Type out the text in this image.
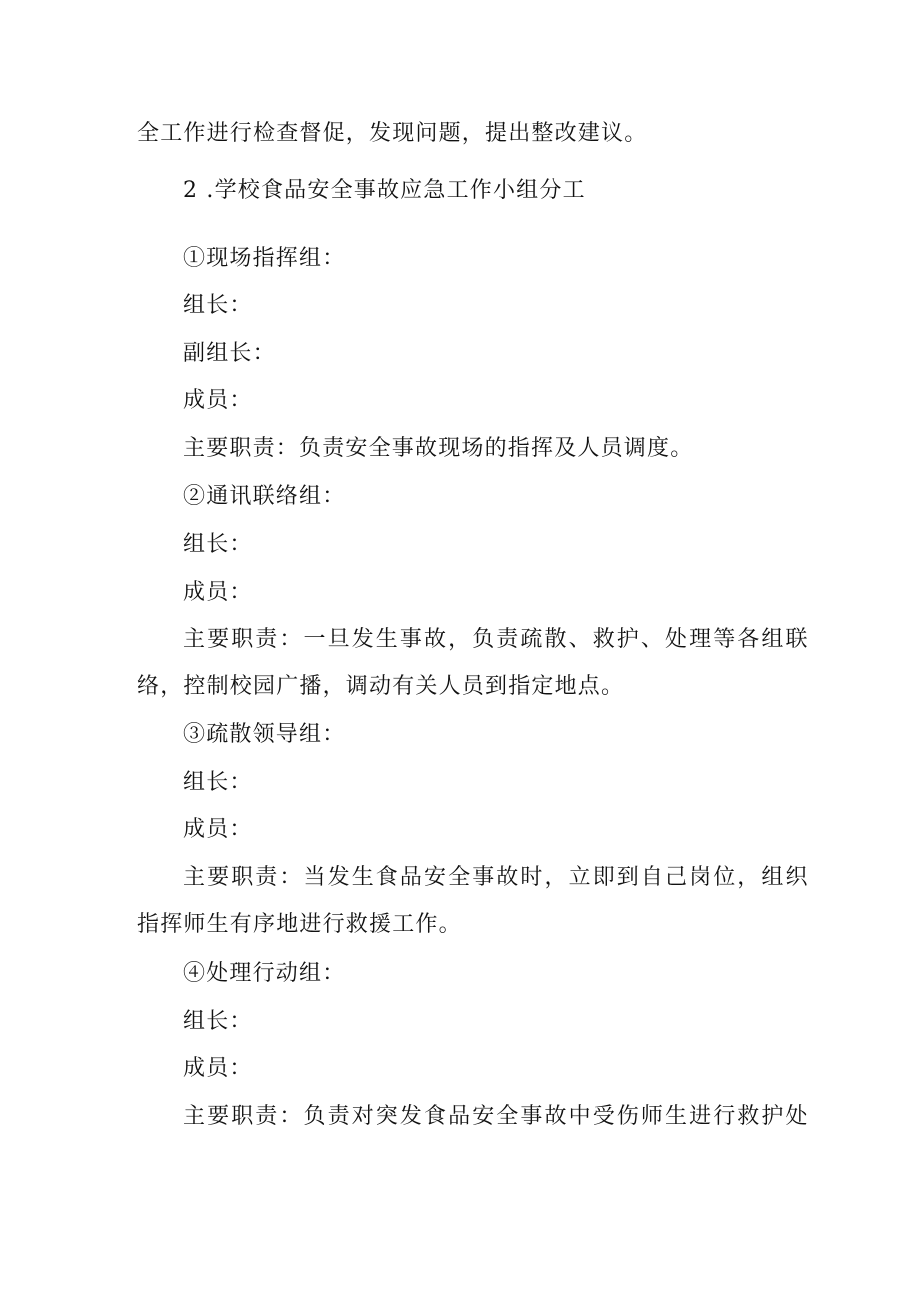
全工作进行检查督促，发现问题，提出整改建议。
2 .学校食品安全事故应急工作小组分工
①现场指挥组：
组长：
副组长：
成员：
主要职责：负责安全事故现场的指挥及人员调度。
②通讯联络组：
组长：
成员：
主要职责：一旦发生事故，负责疏散、救护、处理等各组联
络，控制校园广播，调动有关人员到指定地点。
③疏散领导组：
组长：
成员：
主要职责：当发生食品安全事故时，立即到自己岗位，组织
指挥师生有序地进行救援工作。
④处理行动组：
组长：
成员：
主要职责：负责对突发食品安全事故中受伤师生进行救护处
